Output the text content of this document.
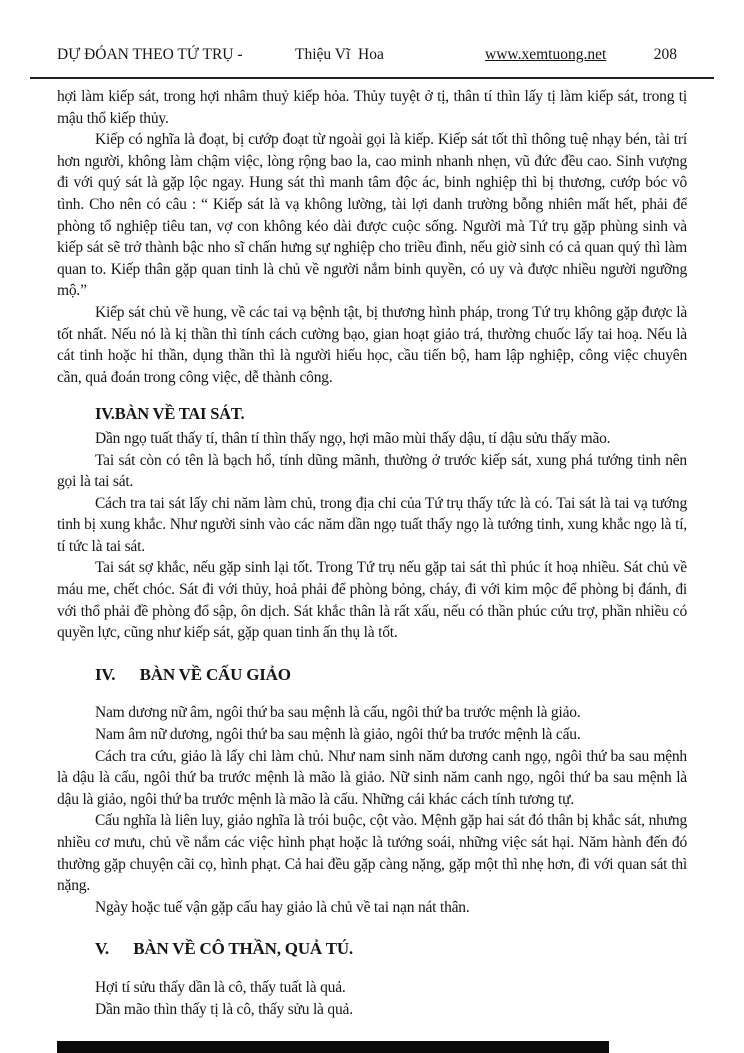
DỰ ĐÓAN THEO TỨ TRỤ -	Thiệu Vĩ  Hoa	www.xemtuong.net	208

hợi làm kiếp sát, trong hợi nhâm thuỷ kiếp hỏa. Thủy tuyệt ở tị, thân tí thìn lấy tị làm kiếp sát, trong tị mậu thổ kiếp thủy.

Kiếp có nghĩa là đoạt, bị cướp đoạt từ ngoài gọi là kiếp. Kiếp sát tốt thì thông tuệ nhạy bén, tài trí hơn người, không làm chậm việc, lòng rộng bao la, cao minh nhanh nhẹn, vũ đức đều cao. Sinh vượng đi với quý sát là gặp lộc ngay. Hung sát thì manh tâm độc ác, binh nghiệp thì bị thương, cướp bóc vô tình. Cho nên có câu : “ Kiếp sát là vạ không lường, tài lợi danh trường bỗng nhiên mất hết, phải để phòng tổ nghiệp tiêu tan, vợ con không kéo dài được cuộc sống. Người mà Tứ trụ gặp phùng sinh và kiếp sát sẽ trở thành bậc nho sĩ chấn hưng sự nghiệp cho triều đình, nếu giờ sinh có cả quan quý thì làm quan to. Kiếp thân gặp quan tinh là chủ về người nắm binh quyền, có uy và được nhiều người ngưỡng mộ.”

Kiếp sát chủ về hung, về các tai vạ bệnh tật, bị thương hình pháp, trong Tứ trụ không gặp được là tốt nhất. Nếu nó là kị thần thì tính cách cường bạo, gian hoạt giảo trá, thường chuốc lấy tai hoạ. Nếu là cát tinh hoặc hỉ thần, dụng thần thì là người hiếu học, cầu tiến bộ, ham lập nghiệp, công việc chuyên cần, quả đoán trong công việc, dễ thành công.

IV.BÀN VỀ TAI SÁT.

Dần ngọ tuất thấy tí, thân tí thìn thấy ngọ, hợi mão mùi thấy dậu, tí dậu sửu thấy mão.

Tai sát còn có tên là bạch hổ, tính dũng mãnh, thường ở trước kiếp sát, xung phá tướng tinh nên gọi là tai sát.

Cách tra tai sát lấy chi năm làm chủ, trong địa chi của Tứ trụ thấy tức là có. Tai sát là tai vạ tướng tinh bị xung khắc. Như người sinh vào các năm dần ngọ tuất thấy ngọ là tướng tinh, xung khắc ngọ là tí, tí tức là tai sát.

Tai sát sợ khắc, nếu gặp sinh lại tốt. Trong Tứ trụ nếu gặp tai sát thì phúc ít hoạ nhiều. Sát chủ về máu me, chết chóc. Sát đi với thủy, hoả phải để phòng bỏng, cháy, đi với kim mộc để phòng bị đánh, đi với thổ phải đề phòng đổ sập, ôn dịch. Sát khắc thân là rất xấu, nếu có thần phúc cứu trợ, phần nhiều có quyền lực, cũng như kiếp sát, gặp quan tinh ấn thụ là tốt.

IV.      BÀN VỀ CẤU GIẢO

Nam dương nữ âm, ngôi thứ ba sau mệnh là cấu, ngôi thứ ba trước mệnh là giảo.

Nam âm nữ dương, ngôi thứ ba sau mệnh là giảo, ngôi thứ ba trước mệnh là cấu.

Cách tra cứu, giảo là lấy chi làm chủ. Như nam sinh năm dương canh ngọ, ngôi thứ ba sau mệnh là dậu là cấu, ngôi thứ ba trước mệnh là mão là giảo. Nữ sinh năm canh ngọ, ngôi thứ ba sau mệnh là dậu là giảo, ngôi thứ ba trước mệnh là mão là cấu. Những cái khác cách tính tương tự.

Cấu nghĩa là liên luy, giảo nghĩa là trói buộc, cột vào. Mệnh gặp hai sát đó thân bị khắc sát, nhưng nhiều cơ mưu, chủ về nắm các việc hình phạt hoặc là tướng soái, những việc sát hại. Năm hành đến đó thường gặp chuyện cãi cọ, hình phạt. Cả hai đều gặp càng nặng, gặp một thì nhẹ hơn, đi với quan sát thì nặng.

Ngày hoặc tuế vận gặp cấu hay giảo là chủ về tai nạn nát thân.

V.      BÀN VỀ CÔ THẦN, QUẢ TÚ.

Hợi tí sửu thấy dần là cô, thấy tuất là quả.

Dần mão thìn thấy tị là cô, thấy sửu là quả.
